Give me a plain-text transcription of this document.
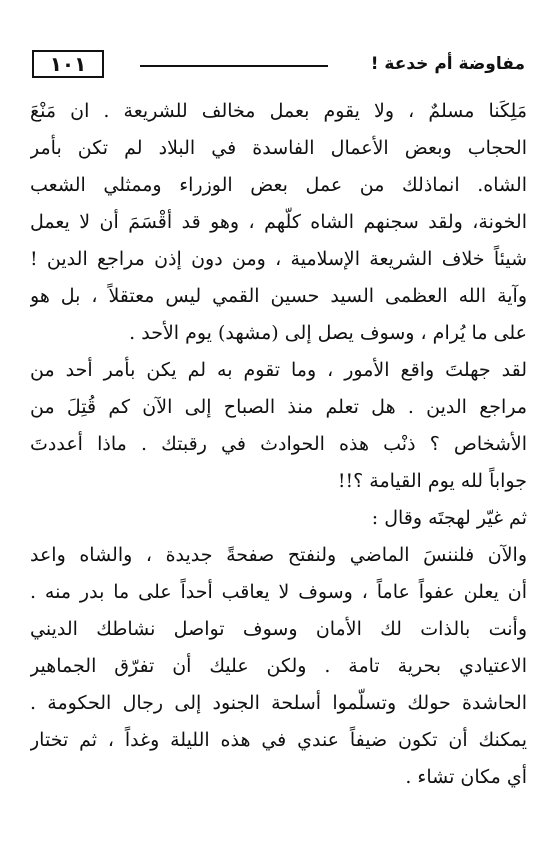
١٠١	مفاوضة أم خدعة !
مَلِكَنا مسلمٌ ، ولا يقوم بعمل مخالف للشريعة . ان مَنْعَ
الحجاب وبعض الأعمال الفاسدة في البلاد لم تكن بأمر
الشاه. انماذلك من عمل بعض الوزراء وممثلي الشعب
الخونة، ولقد سجنهم الشاه كلّهم ، وهو قد أقْسَمَ أن لا يعمل
شيئاً خلاف الشريعة الإسلامية ، ومن دون إذن مراجع الدين !
وآية الله العظمى السيد حسين القمي ليس معتقلاً ، بل هو
على ما يُرام ، وسوف يصل إلى (مشهد) يوم الأحد .
لقد جهلتَ واقع الأمور ، وما تقوم به لم يكن بأمر أحد من
مراجع الدين . هل تعلم منذ الصباح إلى الآن كم قُتِلَ من
الأشخاص ؟ ذنْب هذه الحوادث في رقبتك . ماذا أعددتَ
جواباً لله يوم القيامة ؟!!
ثم غيّر لهجتَه وقال :
والآن فلننسَ الماضي ولنفتح صفحةً جديدة ، والشاه واعد
أن يعلن عفواً عاماً ، وسوف لا يعاقب أحداً على ما بدر منه .
وأنت بالذات لك الأمان وسوف تواصل نشاطك الديني
الاعتيادي بحرية تامة . ولكن عليك أن تفرّق الجماهير
الحاشدة حولك وتسلّموا أسلحة الجنود إلى رجال الحكومة .
يمكنك أن تكون ضيفاً عندي في هذه الليلة وغداً ، ثم تختار
أي مكان تشاء .
